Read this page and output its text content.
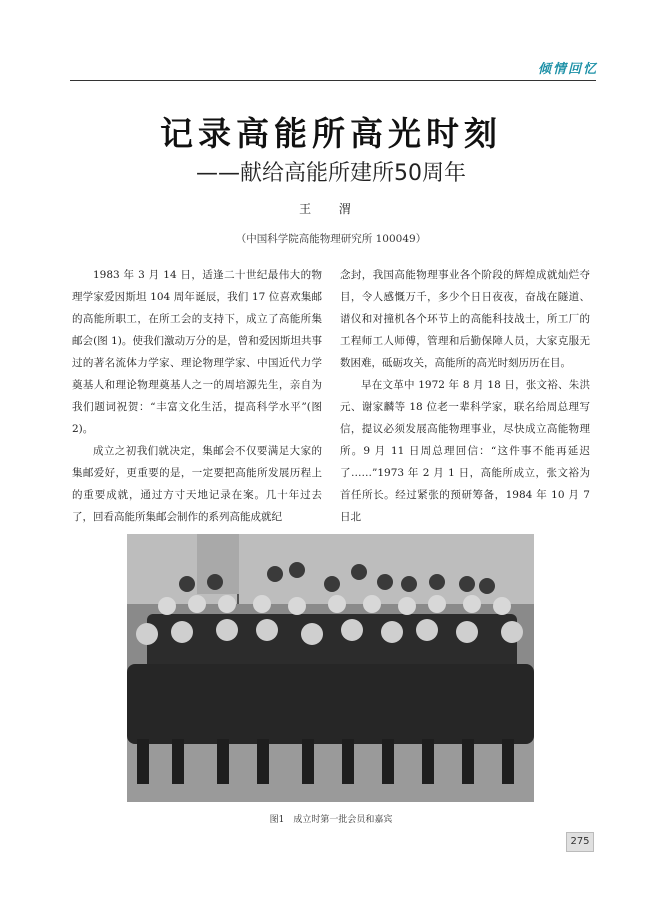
倾情回忆
记录高能所高光时刻
——献给高能所建所50周年
王 渭
（中国科学院高能物理研究所 100049）

1983 年 3 月 14 日，适逢二十世纪最伟大的物理学家爱因斯坦 104 周年诞辰，我们 17 位喜欢集邮的高能所职工，在所工会的支持下，成立了高能所集邮会(图 1)。使我们激动万分的是，曾和爱因斯坦共事过的著名流体力学家、理论物理学家、中国近代力学奠基人和理论物理奠基人之一的周培源先生，亲自为我们题词祝贺：“丰富文化生活，提高科学水平”(图 2)。

成立之初我们就决定，集邮会不仅要满足大家的集邮爱好，更重要的是，一定要把高能所发展历程上的重要成就，通过方寸天地记录在案。几十年过去了，回看高能所集邮会制作的系列高能成就纪

念封，我国高能物理事业各个阶段的辉煌成就灿烂夺目，令人感慨万千，多少个日日夜夜，奋战在隧道、谱仪和对撞机各个环节上的高能科技战士，所工厂的工程师工人师傅，管理和后勤保障人员，大家克服无数困难，砥砺攻关，高能所的高光时刻历历在目。

早在文革中 1972 年 8 月 18 日，张文裕、朱洪元、谢家麟等 18 位老一辈科学家，联名给周总理写信，提议必须发展高能物理事业，尽快成立高能物理所。9 月 11 日周总理回信：“这件事不能再延迟了……”1973 年 2 月 1 日，高能所成立，张文裕为首任所长。经过紧张的预研筹备，1984 年 10 月 7 日北

图1　成立时第一批会员和嘉宾
275
